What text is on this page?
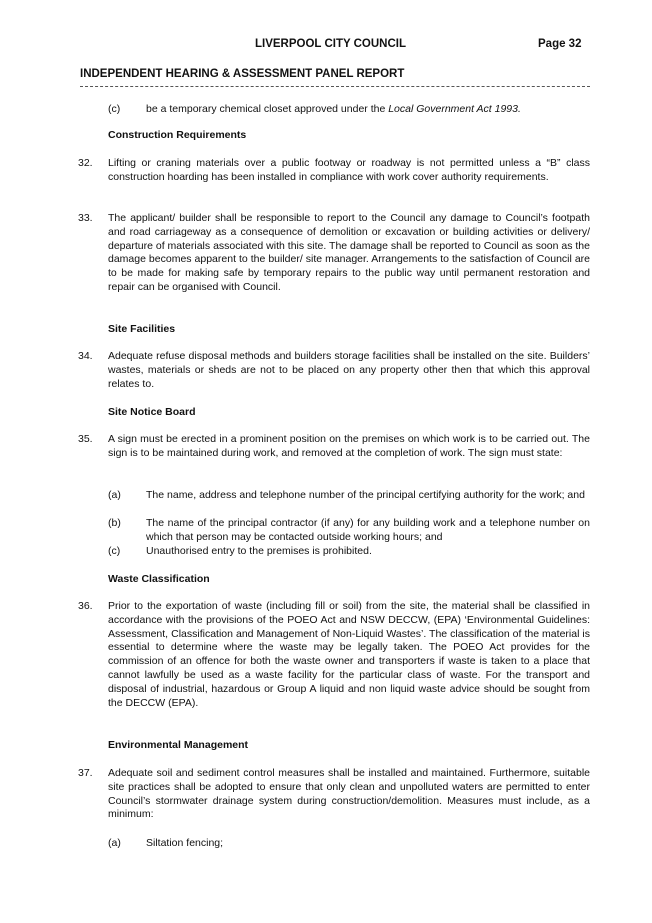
LIVERPOOL CITY COUNCIL	Page 32
INDEPENDENT HEARING & ASSESSMENT PANEL REPORT
(c) be a temporary chemical closet approved under the Local Government Act 1993.
Construction Requirements
32.	Lifting or craning materials over a public footway or roadway is not permitted unless a “B” class construction hoarding has been installed in compliance with work cover authority requirements.
33.	The applicant/ builder shall be responsible to report to the Council any damage to Council’s footpath and road carriageway as a consequence of demolition or excavation or building activities or delivery/ departure of materials associated with this site. The damage shall be reported to Council as soon as the damage becomes apparent to the builder/ site manager. Arrangements to the satisfaction of Council are to be made for making safe by temporary repairs to the public way until permanent restoration and repair can be organised with Council.
Site Facilities
34.	Adequate refuse disposal methods and builders storage facilities shall be installed on the site. Builders’ wastes, materials or sheds are not to be placed on any property other then that which this approval relates to.
Site Notice Board
35.	A sign must be erected in a prominent position on the premises on which work is to be carried out. The sign is to be maintained during work, and removed at the completion of work. The sign must state:
(a)	The name, address and telephone number of the principal certifying authority for the work; and
(b)	The name of the principal contractor (if any) for any building work and a telephone number on which that person may be contacted outside working hours; and
(c)	Unauthorised entry to the premises is prohibited.
Waste Classification
36.	Prior to the exportation of waste (including fill or soil) from the site, the material shall be classified in accordance with the provisions of the POEO Act and NSW DECCW, (EPA) ‘Environmental Guidelines: Assessment, Classification and Management of Non-Liquid Wastes’. The classification of the material is essential to determine where the waste may be legally taken. The POEO Act provides for the commission of an offence for both the waste owner and transporters if waste is taken to a place that cannot lawfully be used as a waste facility for the particular class of waste. For the transport and disposal of industrial, hazardous or Group A liquid and non liquid waste advice should be sought from the DECCW (EPA).
Environmental Management
37.	Adequate soil and sediment control measures shall be installed and maintained. Furthermore, suitable site practices shall be adopted to ensure that only clean and unpolluted waters are permitted to enter Council’s stormwater drainage system during construction/demolition. Measures must include, as a minimum:
(a)	Siltation fencing;
